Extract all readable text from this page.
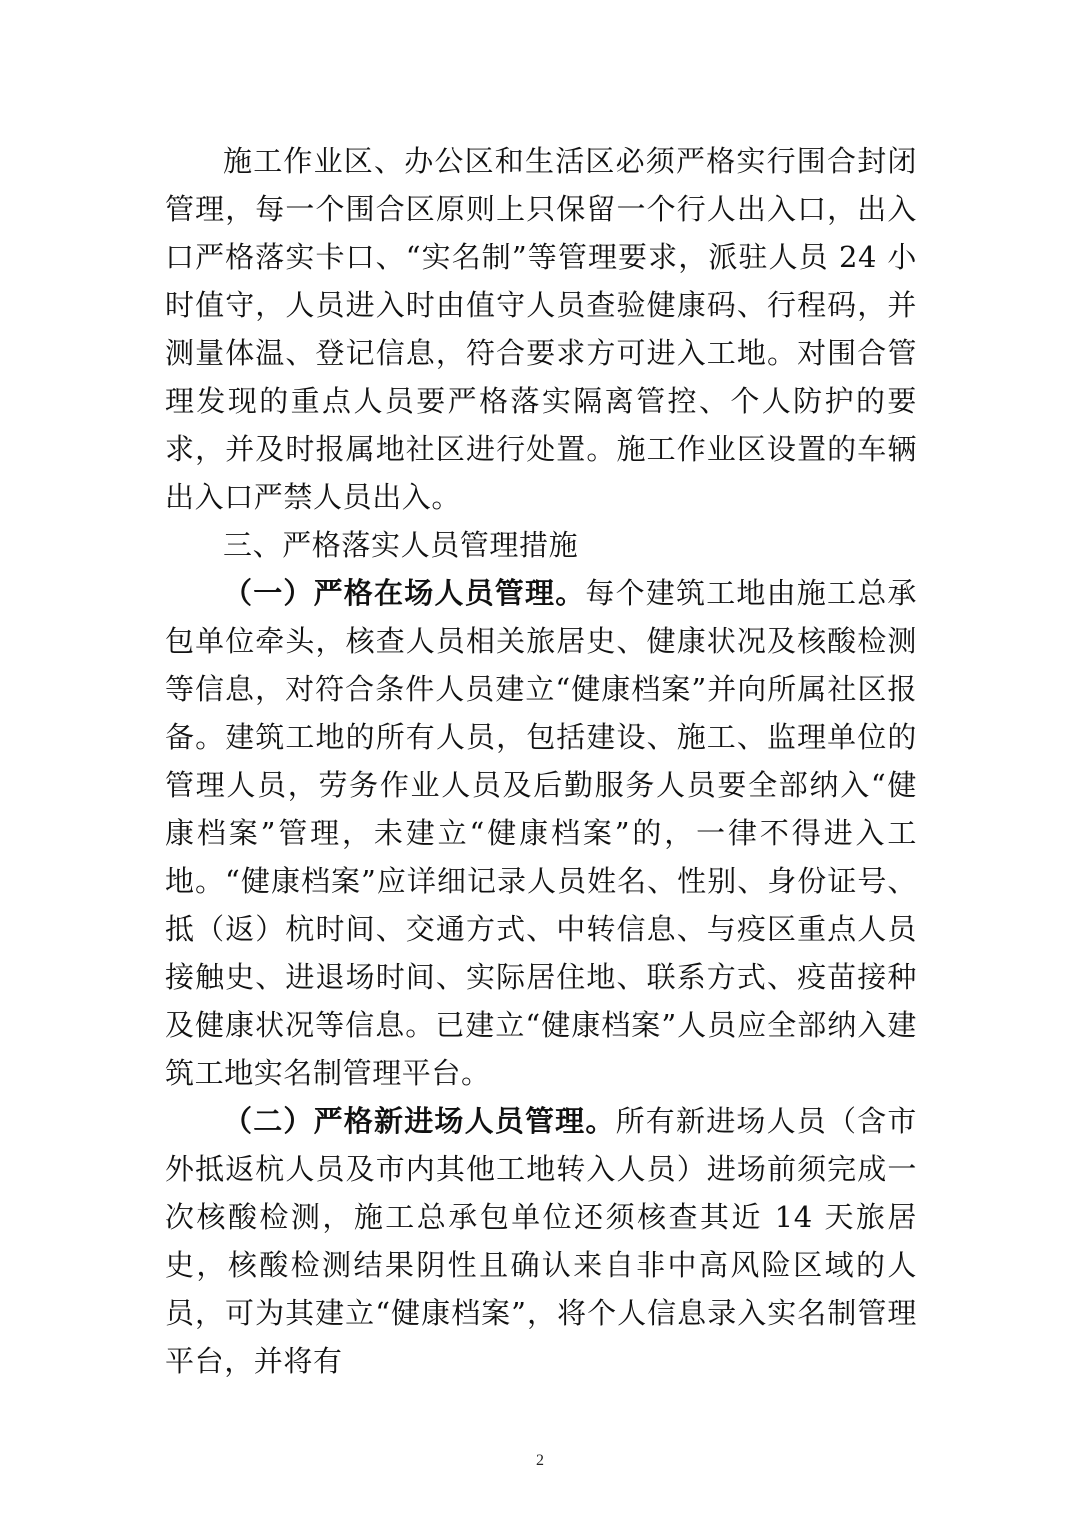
施工作业区、办公区和生活区必须严格实行围合封闭管理，每一个围合区原则上只保留一个行人出入口，出入口严格落实卡口、“实名制”等管理要求，派驻人员 24 小时值守，人员进入时由值守人员查验健康码、行程码，并测量体温、登记信息，符合要求方可进入工地。对围合管理发现的重点人员要严格落实隔离管控、个人防护的要求，并及时报属地社区进行处置。施工作业区设置的车辆出入口严禁人员出入。

三、严格落实人员管理措施

（一）严格在场人员管理。每个建筑工地由施工总承包单位牵头，核查人员相关旅居史、健康状况及核酸检测等信息，对符合条件人员建立“健康档案”并向所属社区报备。建筑工地的所有人员，包括建设、施工、监理单位的管理人员，劳务作业人员及后勤服务人员要全部纳入“健康档案”管理，未建立“健康档案”的，一律不得进入工地。“健康档案”应详细记录人员姓名、性别、身份证号、抵（返）杭时间、交通方式、中转信息、与疫区重点人员接触史、进退场时间、实际居住地、联系方式、疫苗接种及健康状况等信息。已建立“健康档案”人员应全部纳入建筑工地实名制管理平台。

（二）严格新进场人员管理。所有新进场人员（含市外抵返杭人员及市内其他工地转入人员）进场前须完成一次核酸检测，施工总承包单位还须核查其近 14 天旅居史，核酸检测结果阴性且确认来自非中高风险区域的人员，可为其建立“健康档案”，将个人信息录入实名制管理平台，并将有

2
